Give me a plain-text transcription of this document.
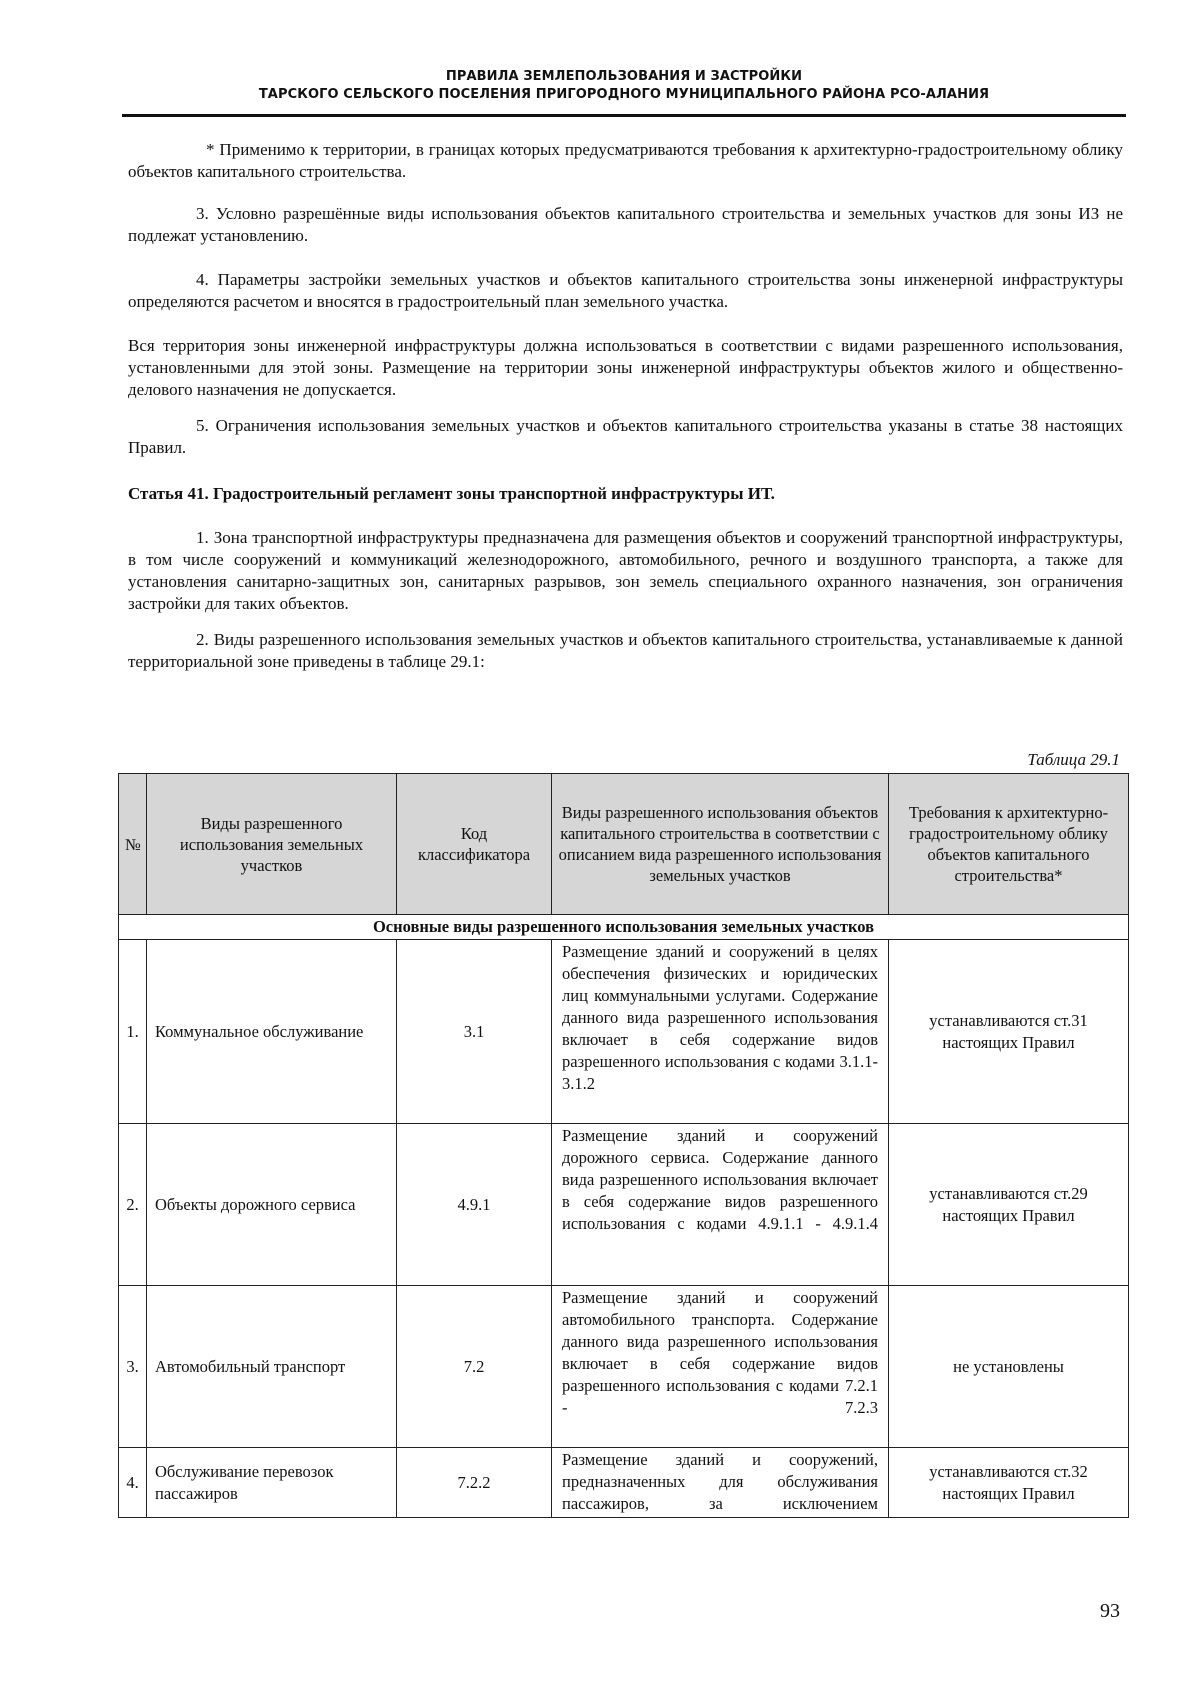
ПРАВИЛА ЗЕМЛЕПОЛЬЗОВАНИЯ И ЗАСТРОЙКИ
ТАРСКОГО СЕЛЬСКОГО ПОСЕЛЕНИЯ ПРИГОРОДНОГО МУНИЦИПАЛЬНОГО РАЙОНА РСО-АЛАНИЯ

* Применимо к территории, в границах которых предусматриваются требования к архитектурно-градостроительному облику объектов капитального строительства.

3. Условно разрешённые виды использования объектов капитального строительства и земельных участков для зоны ИЗ не подлежат установлению.

4. Параметры застройки земельных участков и объектов капитального строительства зоны инженерной инфраструктуры определяются расчетом и вносятся в градостроительный план земельного участка.

Вся территория зоны инженерной инфраструктуры должна использоваться в соответствии с видами разрешенного использования, установленными для этой зоны. Размещение на территории зоны инженерной инфраструктуры объектов жилого и общественно-делового назначения не допускается.

5. Ограничения использования земельных участков и объектов капитального строительства указаны в статье 38 настоящих Правил.

Статья 41. Градостроительный регламент зоны транспортной инфраструктуры ИТ.

1. Зона транспортной инфраструктуры предназначена для размещения объектов и сооружений транспортной инфраструктуры, в том числе сооружений и коммуникаций железнодорожного, автомобильного, речного и воздушного транспорта, а также для установления санитарно-защитных зон, санитарных разрывов, зон земель специального охранного назначения, зон ограничения застройки для таких объектов.

2. Виды разрешенного использования земельных участков и объектов капитального строительства, устанавливаемые к данной территориальной зоне приведены в таблице 29.1:

Таблица 29.1
№	Виды разрешенного использования земельных участков	Код классификатора	Виды разрешенного использования объектов капитального строительства в соответствии с описанием вида разрешенного использования земельных участков	Требования к архитектурно-градостроительному облику объектов капитального строительства*
Основные виды разрешенного использования земельных участков				
1.	Коммунальное обслуживание	3.1	Размещение зданий и сооружений в целях обеспечения физических и юридических лиц коммунальными услугами. Содержание данного вида разрешенного использования включает в себя содержание видов разрешенного использования с кодами 3.1.1-3.1.2	устанавливаются ст.31 настоящих Правил
2.	Объекты дорожного сервиса	4.9.1	Размещение зданий и сооружений дорожного сервиса. Содержание данного вида разрешенного использования включает в себя содержание видов разрешенного использования с кодами 4.9.1.1 - 4.9.1.4	устанавливаются ст.29 настоящих Правил
3.	Автомобильный транспорт	7.2	Размещение зданий и сооружений автомобильного транспорта. Содержание данного вида разрешенного использования включает в себя содержание видов разрешенного использования с кодами 7.2.1 - 7.2.3	не установлены
4.	Обслуживание перевозок пассажиров	7.2.2	Размещение зданий и сооружений, предназначенных для обслуживания пассажиров, за исключением	устанавливаются ст.32 настоящих Правил
93
